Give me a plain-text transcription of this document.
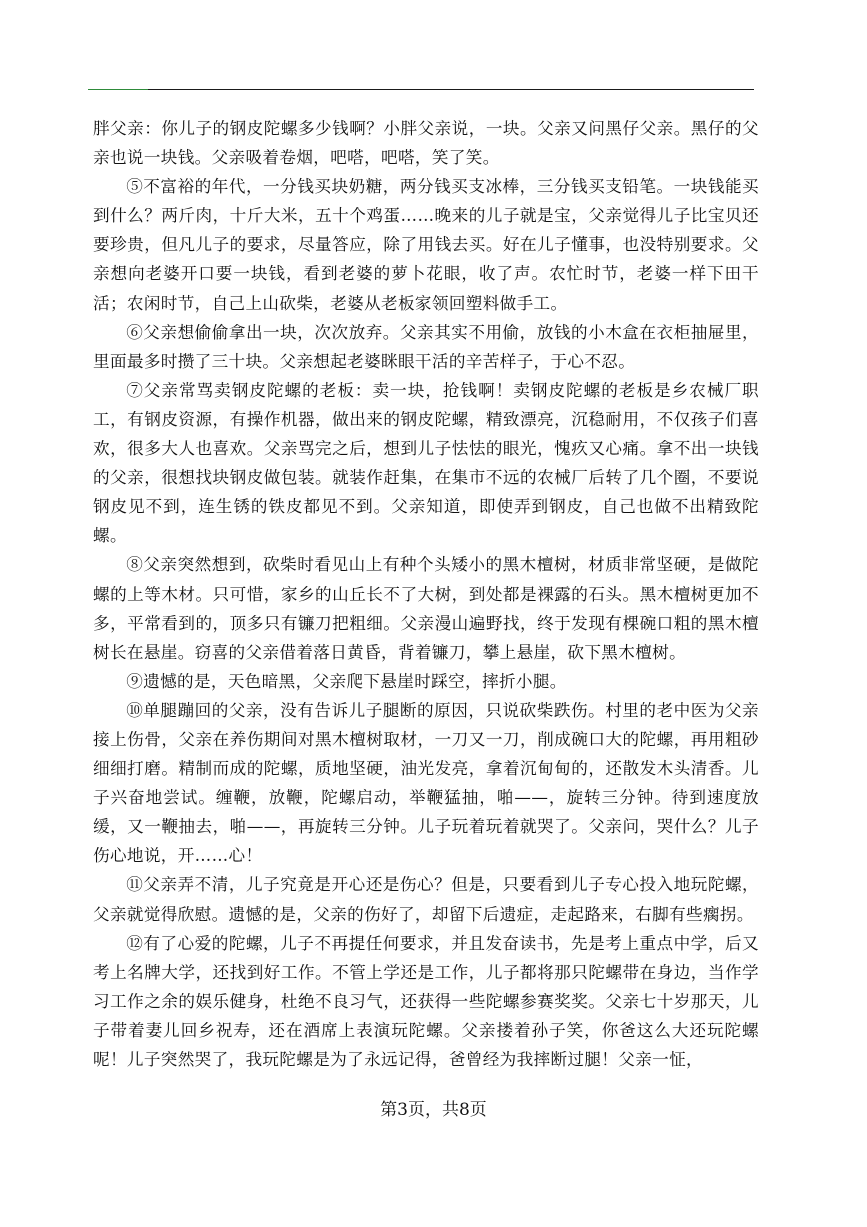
胖父亲：你儿子的钢皮陀螺多少钱啊？小胖父亲说，一块。父亲又问黑仔父亲。黑仔的父亲也说一块钱。父亲吸着卷烟，吧嗒，吧嗒，笑了笑。

⑤不富裕的年代，一分钱买块奶糖，两分钱买支冰棒，三分钱买支铅笔。一块钱能买到什么？两斤肉，十斤大米，五十个鸡蛋……晚来的儿子就是宝，父亲觉得儿子比宝贝还要珍贵，但凡儿子的要求，尽量答应，除了用钱去买。好在儿子懂事，也没特别要求。父亲想向老婆开口要一块钱，看到老婆的萝卜花眼，收了声。农忙时节，老婆一样下田干活；农闲时节，自己上山砍柴，老婆从老板家领回塑料做手工。

⑥父亲想偷偷拿出一块，次次放弃。父亲其实不用偷，放钱的小木盒在衣柜抽屉里，里面最多时攒了三十块。父亲想起老婆眯眼干活的辛苦样子，于心不忍。

⑦父亲常骂卖钢皮陀螺的老板：卖一块，抢钱啊！卖钢皮陀螺的老板是乡农械厂职工，有钢皮资源，有操作机器，做出来的钢皮陀螺，精致漂亮，沉稳耐用，不仅孩子们喜欢，很多大人也喜欢。父亲骂完之后，想到儿子怯怯的眼光，愧疚又心痛。拿不出一块钱的父亲，很想找块钢皮做包装。就装作赶集，在集市不远的农械厂后转了几个圈，不要说钢皮见不到，连生锈的铁皮都见不到。父亲知道，即使弄到钢皮，自己也做不出精致陀螺。

⑧父亲突然想到，砍柴时看见山上有种个头矮小的黑木檀树，材质非常坚硬，是做陀螺的上等木材。只可惜，家乡的山丘长不了大树，到处都是裸露的石头。黑木檀树更加不多，平常看到的，顶多只有镰刀把粗细。父亲漫山遍野找，终于发现有棵碗口粗的黑木檀树长在悬崖。窃喜的父亲借着落日黄昏，背着镰刀，攀上悬崖，砍下黑木檀树。

⑨遗憾的是，天色暗黑，父亲爬下悬崖时踩空，摔折小腿。

⑩单腿蹦回的父亲，没有告诉儿子腿断的原因，只说砍柴跌伤。村里的老中医为父亲接上伤骨，父亲在养伤期间对黑木檀树取材，一刀又一刀，削成碗口大的陀螺，再用粗砂细细打磨。精制而成的陀螺，质地坚硬，油光发亮，拿着沉甸甸的，还散发木头清香。儿子兴奋地尝试。缠鞭，放鞭，陀螺启动，举鞭猛抽，啪——，旋转三分钟。待到速度放缓，又一鞭抽去，啪——，再旋转三分钟。儿子玩着玩着就哭了。父亲问，哭什么？儿子伤心地说，开……心！

⑪父亲弄不清，儿子究竟是开心还是伤心？但是，只要看到儿子专心投入地玩陀螺，父亲就觉得欣慰。遗憾的是，父亲的伤好了，却留下后遗症，走起路来，右脚有些瘸拐。

⑫有了心爱的陀螺，儿子不再提任何要求，并且发奋读书，先是考上重点中学，后又考上名牌大学，还找到好工作。不管上学还是工作，儿子都将那只陀螺带在身边，当作学习工作之余的娱乐健身，杜绝不良习气，还获得一些陀螺参赛奖奖。父亲七十岁那天，儿子带着妻儿回乡祝寿，还在酒席上表演玩陀螺。父亲搂着孙子笑，你爸这么大还玩陀螺呢！儿子突然哭了，我玩陀螺是为了永远记得，爸曾经为我摔断过腿！父亲一怔，

第3页，共8页
